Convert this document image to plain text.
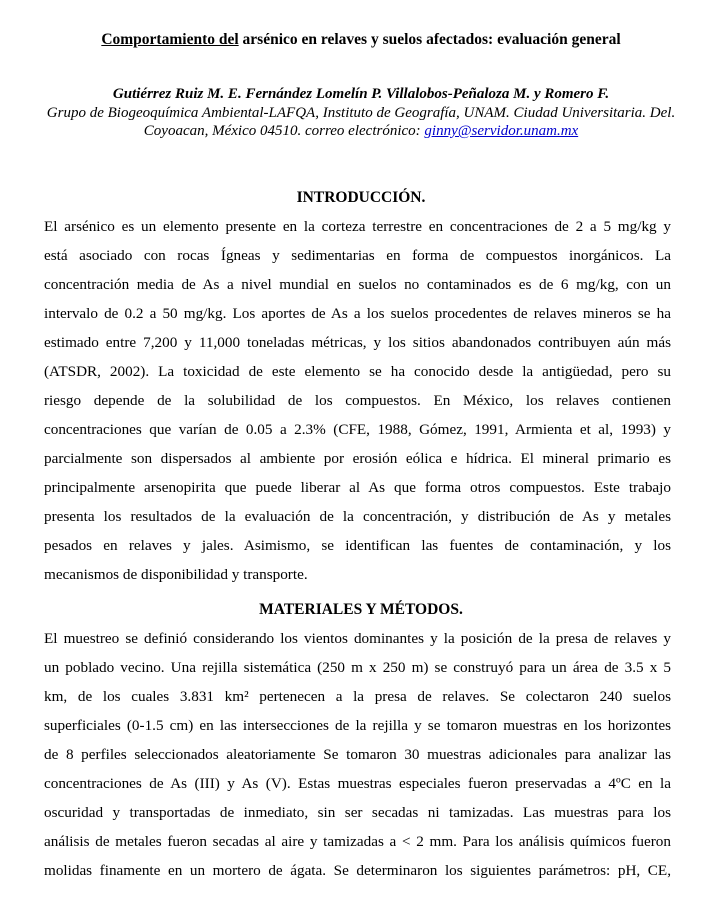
Comportamiento del arsénico en relaves y suelos afectados: evaluación general
Gutiérrez Ruiz M. E. Fernández Lomelín P. Villalobos-Peñaloza M. y Romero F.
Grupo de Biogeoquímica Ambiental-LAFQA, Instituto de Geografía, UNAM. Ciudad Universitaria. Del.
Coyoacan, México 04510. correo electrónico: ginny@servidor.unam.mx
INTRODUCCIÓN.
El arsénico es un elemento presente en la corteza terrestre en concentraciones de 2 a 5 mg/kg y
está asociado con rocas Ígneas y sedimentarias en forma de compuestos inorgánicos. La
concentración media de As a nivel mundial en suelos no contaminados es de 6 mg/kg, con un
intervalo de 0.2 a 50 mg/kg. Los aportes de As a los suelos procedentes de relaves mineros se ha
estimado entre 7,200 y 11,000 toneladas métricas, y los sitios abandonados contribuyen aún más
(ATSDR, 2002). La toxicidad de este elemento se ha conocido desde la antigüedad, pero su
riesgo depende de la solubilidad de los compuestos. En México, los relaves contienen
concentraciones que varían de 0.05 a 2.3% (CFE, 1988, Gómez, 1991, Armienta et al, 1993) y
parcialmente son dispersados al ambiente por erosión eólica e hídrica. El mineral primario es
principalmente arsenopirita que puede liberar al As que forma otros compuestos. Este trabajo
presenta los resultados de la evaluación de la concentración, y distribución de As y metales
pesados en relaves y jales. Asimismo, se identifican las fuentes de contaminación, y los
mecanismos de disponibilidad y transporte.
MATERIALES Y MÉTODOS.
El muestreo se definió considerando los vientos dominantes y la posición de la presa de relaves y
un poblado vecino. Una rejilla sistemática (250 m x 250 m) se construyó para un área de 3.5 x 5
km, de los cuales 3.831 km² pertenecen a la presa de relaves. Se colectaron 240 suelos
superficiales (0-1.5 cm) en las intersecciones de la rejilla y se tomaron muestras en los horizontes
de 8 perfiles seleccionados aleatoriamente Se tomaron 30 muestras adicionales para analizar las
concentraciones de As (III) y As (V). Estas muestras especiales fueron preservadas a 4ºC en la
oscuridad y transportadas de inmediato, sin ser secadas ni tamizadas. Las muestras para los
análisis de metales fueron secadas al aire y tamizadas a < 2 mm. Para los análisis químicos fueron
molidas finamente en un mortero de ágata. Se determinaron los siguientes parámetros: pH, CE,
